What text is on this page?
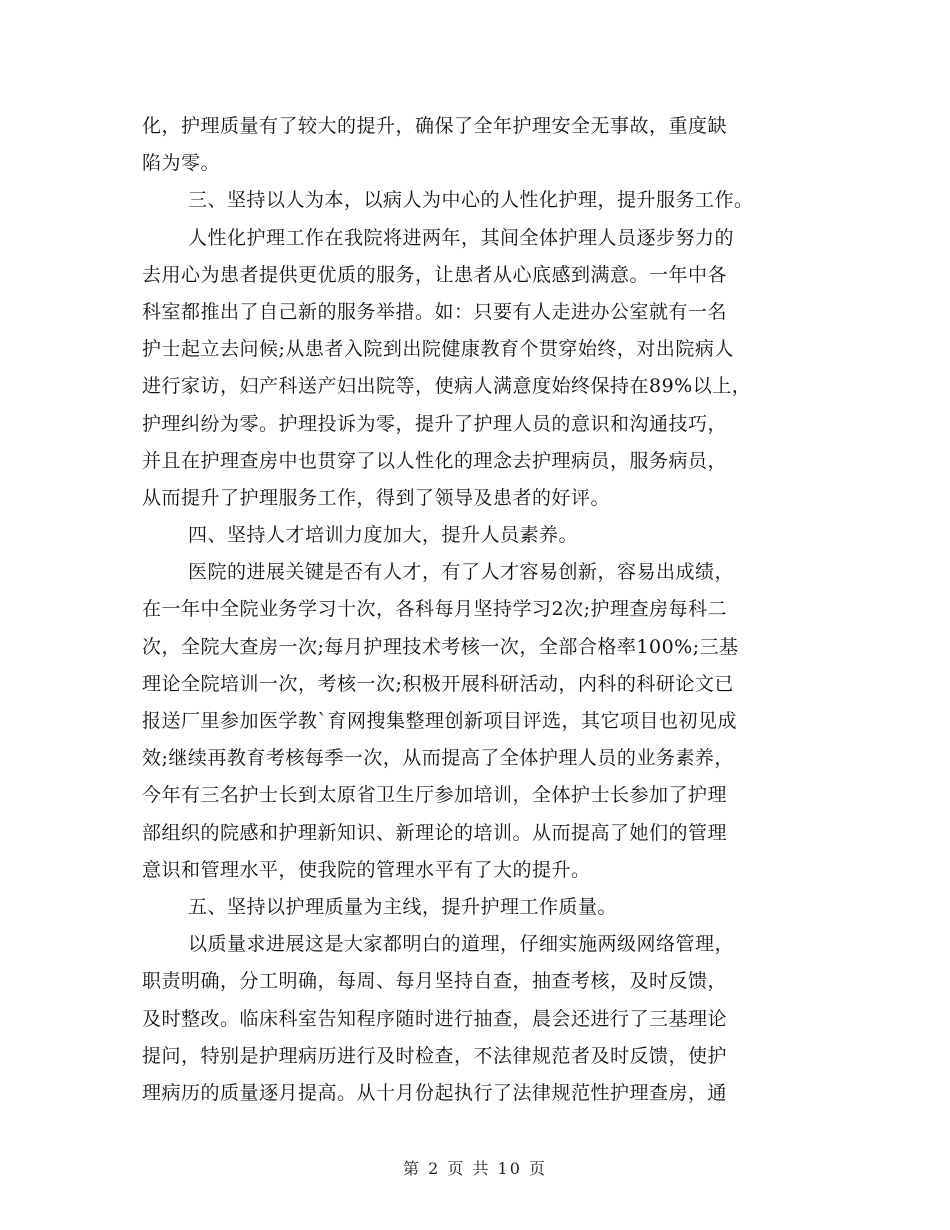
化，护理质量有了较大的提升，确保了全年护理安全无事故，重度缺
陷为零。
三、坚持以人为本，以病人为中心的人性化护理，提升服务工作。
人性化护理工作在我院将进两年，其间全体护理人员逐步努力的
去用心为患者提供更优质的服务，让患者从心底感到满意。一年中各
科室都推出了自己新的服务举措。如：只要有人走进办公室就有一名
护士起立去问候;从患者入院到出院健康教育个贯穿始终，对出院病人
进行家访，妇产科送产妇出院等，使病人满意度始终保持在89%以上，
护理纠纷为零。护理投诉为零，提升了护理人员的意识和沟通技巧，
并且在护理查房中也贯穿了以人性化的理念去护理病员，服务病员，
从而提升了护理服务工作，得到了领导及患者的好评。
四、坚持人才培训力度加大，提升人员素养。
医院的进展关键是否有人才，有了人才容易创新，容易出成绩，
在一年中全院业务学习十次，各科每月坚持学习2次;护理查房每科二
次，全院大查房一次;每月护理技术考核一次，全部合格率100%;三基
理论全院培训一次，考核一次;积极开展科研活动，内科的科研论文已
报送厂里参加医学教`育网搜集整理创新项目评选，其它项目也初见成
效;继续再教育考核每季一次，从而提高了全体护理人员的业务素养，
今年有三名护士长到太原省卫生厅参加培训，全体护士长参加了护理
部组织的院感和护理新知识、新理论的培训。从而提高了她们的管理
意识和管理水平，使我院的管理水平有了大的提升。
五、坚持以护理质量为主线，提升护理工作质量。
以质量求进展这是大家都明白的道理，仔细实施两级网络管理，
职责明确，分工明确，每周、每月坚持自查，抽查考核，及时反馈，
及时整改。临床科室告知程序随时进行抽查，晨会还进行了三基理论
提问，特别是护理病历进行及时检查，不法律规范者及时反馈，使护
理病历的质量逐月提高。从十月份起执行了法律规范性护理查房，通
第 2 页 共 10 页
